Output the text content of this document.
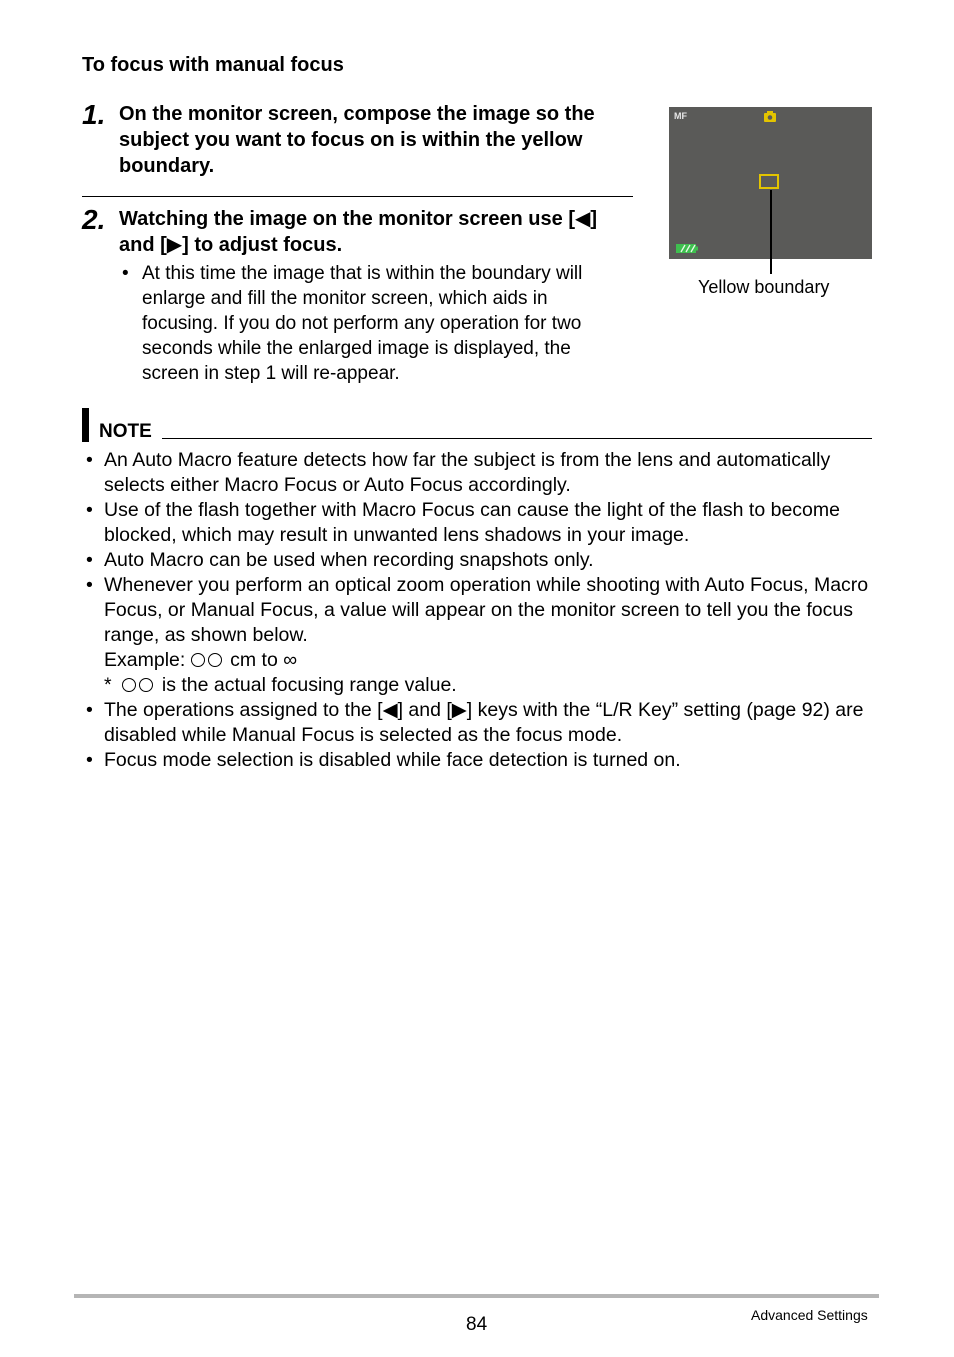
To focus with manual focus
1. On the monitor screen, compose the image so the subject you want to focus on is within the yellow boundary.
2. Watching the image on the monitor screen use [◀] and [▶] to adjust focus.
• At this time the image that is within the boundary will enlarge and fill the monitor screen, which aids in focusing. If you do not perform any operation for two seconds while the enlarged image is displayed, the screen in step 1 will re-appear.
MF
Yellow boundary
NOTE
• An Auto Macro feature detects how far the subject is from the lens and automatically selects either Macro Focus or Auto Focus accordingly.
• Use of the flash together with Macro Focus can cause the light of the flash to become blocked, which may result in unwanted lens shadows in your image.
• Auto Macro can be used when recording snapshots only.
• Whenever you perform an optical zoom operation while shooting with Auto Focus, Macro Focus, or Manual Focus, a value will appear on the monitor screen to tell you the focus range, as shown below.
Example: cm to ∞
*	is the actual focusing range value.
• The operations assigned to the [◀] and [▶] keys with the “L/R Key” setting (page 92) are disabled while Manual Focus is selected as the focus mode.
• Focus mode selection is disabled while face detection is turned on.
84	Advanced Settings
